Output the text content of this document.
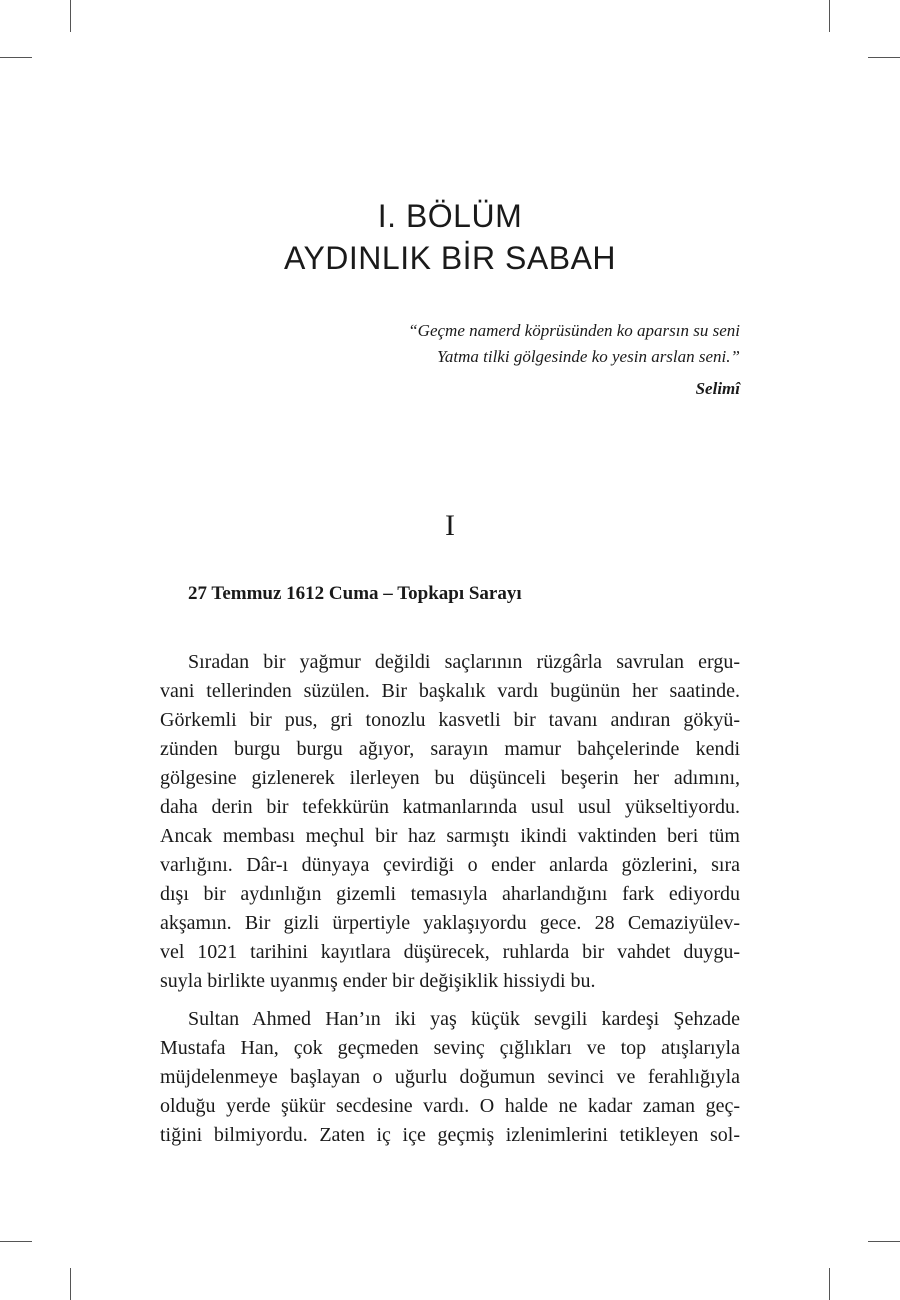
I. BÖLÜM
AYDINLIK BİR SABAH
“Geçme namerd köprüsünden ko aparsın su seni
Yatma tilki gölgesinde ko yesin arslan seni.”
Selimî
I
27 Temmuz 1612 Cuma – Topkapı Sarayı
Sıradan bir yağmur değildi saçlarının rüzgârla savrulan ergu-
vani tellerinden süzülen. Bir başkalık vardı bugünün her saatinde.
Görkemli bir pus, gri tonozlu kasvetli bir tavanı andıran gökyü-
zünden burgu burgu ağıyor, sarayın mamur bahçelerinde kendi
gölgesine gizlenerek ilerleyen bu düşünceli beşerin her adımını,
daha derin bir tefekkürün katmanlarında usul usul yükseltiyordu.
Ancak membası meçhul bir haz sarmıştı ikindi vaktinden beri tüm
varlığını. Dâr-ı dünyaya çevirdiği o ender anlarda gözlerini, sıra
dışı bir aydınlığın gizemli temasıyla aharlandığını fark ediyordu
akşamın. Bir gizli ürpertiyle yaklaşıyordu gece. 28 Cemaziyülev-
vel 1021 tarihini kayıtlara düşürecek, ruhlarda bir vahdet duygu-
suyla birlikte uyanmış ender bir değişiklik hissiydi bu.
Sultan Ahmed Han’ın iki yaş küçük sevgili kardeşi Şehzade
Mustafa Han, çok geçmeden sevinç çığlıkları ve top atışlarıyla
müjdelenmeye başlayan o uğurlu doğumun sevinci ve ferahlığıyla
olduğu yerde şükür secdesine vardı. O halde ne kadar zaman geç-
tiğini bilmiyordu. Zaten iç içe geçmiş izlenimlerini tetikleyen sol-
